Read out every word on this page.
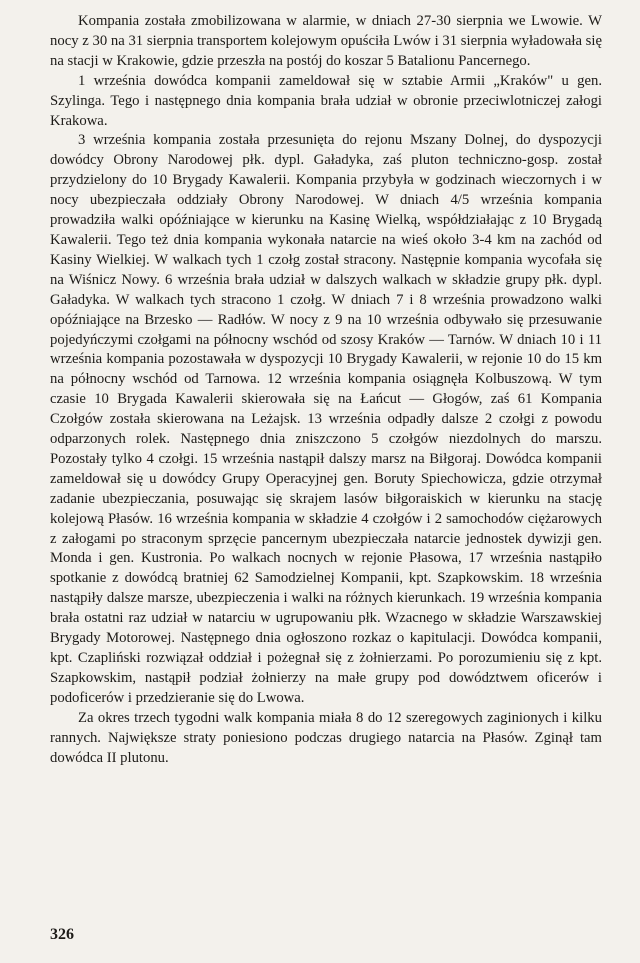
Kompania została zmobilizowana w alarmie, w dniach 27-30 sierpnia we Lwowie. W nocy z 30 na 31 sierpnia transportem kolejowym opuściła Lwów i 31 sierpnia wyładowała się na stacji w Krakowie, gdzie przeszła na postój do koszar 5 Batalionu Pancernego.

1 września dowódca kompanii zameldował się w sztabie Armii „Kraków" u gen. Szylinga. Tego i następnego dnia kompania brała udział w obronie przeciwlotniczej załogi Krakowa.

3 września kompania została przesunięta do rejonu Mszany Dolnej, do dyspozycji dowódcy Obrony Narodowej płk. dypl. Gaładyka, zaś pluton techniczno-gosp. został przydzielony do 10 Brygady Kawalerii. Kompania przybyła w godzinach wieczornych i w nocy ubezpieczała oddziały Obrony Narodowej. W dniach 4/5 września kompania prowadziła walki opóźniające w kierunku na Kasinę Wielką, współdziałając z 10 Brygadą Kawalerii. Tego też dnia kompania wykonała natarcie na wieś około 3-4 km na zachód od Kasiny Wielkiej. W walkach tych 1 czołg został stracony. Następnie kompania wycofała się na Wiśnicz Nowy. 6 września brała udział w dalszych walkach w składzie grupy płk. dypl. Gaładyka. W walkach tych stracono 1 czołg. W dniach 7 i 8 września prowadzono walki opóźniające na Brzesko — Radłów. W nocy z 9 na 10 września odbywało się przesuwanie pojedyńczymi czołgami na północny wschód od szosy Kraków — Tarnów. W dniach 10 i 11 września kompania pozostawała w dyspozycji 10 Brygady Kawalerii, w rejonie 10 do 15 km na północny wschód od Tarnowa. 12 września kompania osiągnęła Kolbuszową. W tym czasie 10 Brygada Kawalerii skierowała się na Łańcut — Głogów, zaś 61 Kompania Czołgów została skierowana na Leżajsk. 13 września odpadły dalsze 2 czołgi z powodu odparzonych rolek. Następnego dnia zniszczono 5 czołgów niezdolnych do marszu. Pozostały tylko 4 czołgi. 15 września nastąpił dalszy marsz na Biłgoraj. Dowódca kompanii zameldował się u dowódcy Grupy Operacyjnej gen. Boruty Spiechowicza, gdzie otrzymał zadanie ubezpieczania, posuwając się skrajem lasów biłgoraiskich w kierunku na stację kolejową Płasów. 16 września kompania w składzie 4 czołgów i 2 samochodów ciężarowych z załogami po straconym sprzęcie pancernym ubezpieczała natarcie jednostek dywizji gen. Monda i gen. Kustronia. Po walkach nocnych w rejonie Płasowa, 17 września nastąpiło spotkanie z dowódcą bratniej 62 Samodzielnej Kompanii, kpt. Szapkowskim. 18 września nastąpiły dalsze marsze, ubezpieczenia i walki na różnych kierunkach. 19 września kompania brała ostatni raz udział w natarciu w ugrupowaniu płk. Wzacnego w składzie Warszawskiej Brygady Motorowej. Następnego dnia ogłoszono rozkaz o kapitulacji. Dowódca kompanii, kpt. Czapliński rozwiązał oddział i pożegnał się z żołnierzami. Po porozumieniu się z kpt. Szapkowskim, nastąpił podział żołnierzy na małe grupy pod dowództwem oficerów i podoficerów i przedzieranie się do Lwowa.

Za okres trzech tygodni walk kompania miała 8 do 12 szeregowych zaginionych i kilku rannych. Największe straty poniesiono podczas drugiego natarcia na Płasów. Zginął tam dowódca II plutonu.

326
